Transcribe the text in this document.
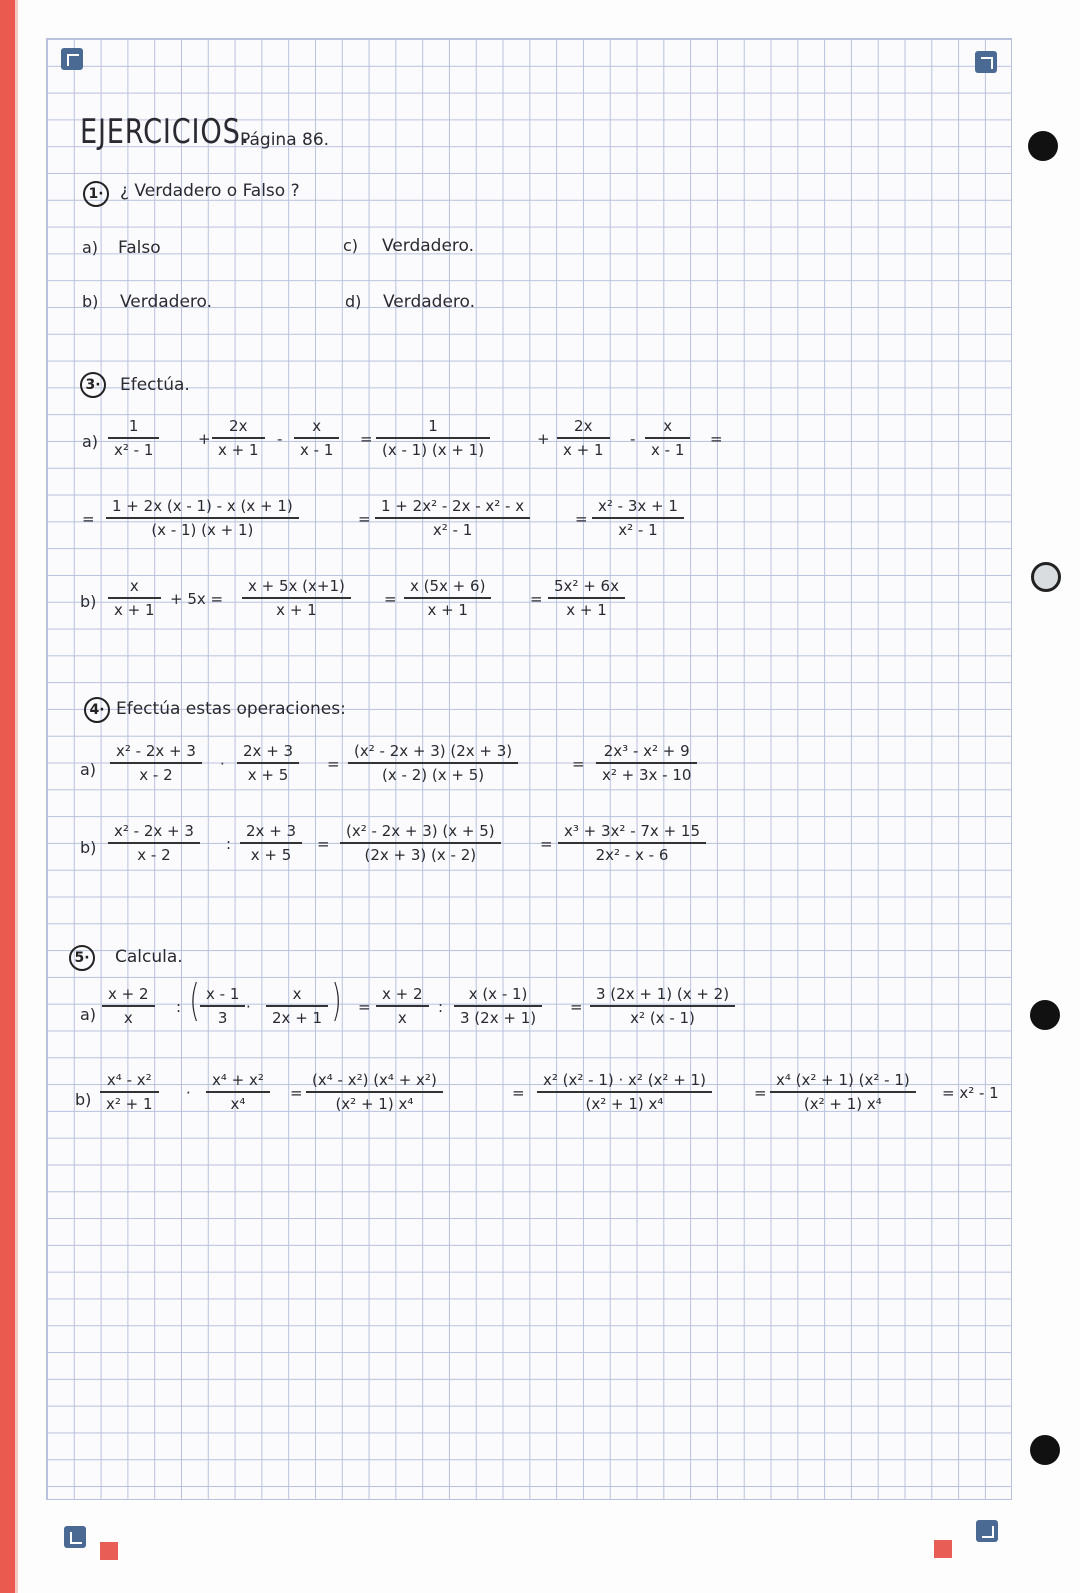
EJERCICIOS.
Página 86.
1· ¿ Verdadero o Falso ?
a) Falso
b) Verdadero.
c) Verdadero.
d) Verdadero.
3·	Efectúa.
a)
b)
4· Efectúa estas operaciones:
a)
b)
5·	Calcula.
a)
b)
(	)
1
x² - 1
+
2x
x + 1
-
x
x - 1
=
1
(x - 1) (x + 1)
+
2x
x + 1
-
x
x - 1
=
=
1 + 2x (x - 1) - x (x + 1)
(x - 1) (x + 1)
=
1 + 2x² - 2x - x² - x
x² - 1
=
x² - 3x + 1
x² - 1
x
x + 1
+ 5x =
x + 5x (x+1)
x + 1
=
x (5x + 6)
x + 1
=
5x² + 6x
x + 1
x² - 2x + 3
x - 2
·
2x + 3
x + 5
=
(x² - 2x + 3) (2x + 3)
(x - 2) (x + 5)
=
2x³ - x² + 9
x² + 3x - 10
x² - 2x + 3
x - 2
:
2x + 3
x + 5
=
(x² - 2x + 3) (x + 5)
(2x + 3) (x - 2)
=
x³ + 3x² - 7x + 15
2x² - x - 6
x + 2
x
:
x - 1
3
·
x
2x + 1
=
x + 2
x
:
x (x - 1)
3 (2x + 1)
=
3 (2x + 1) (x + 2)
x² (x - 1)
x⁴ - x²
x² + 1
·
x⁴ + x²
x⁴
=
(x⁴ - x²) (x⁴ + x²)
(x² + 1) x⁴
=
x² (x² - 1) · x² (x² + 1)
(x² + 1) x⁴
=
x⁴ (x² + 1) (x² - 1)
(x² + 1) x⁴
= x² - 1
